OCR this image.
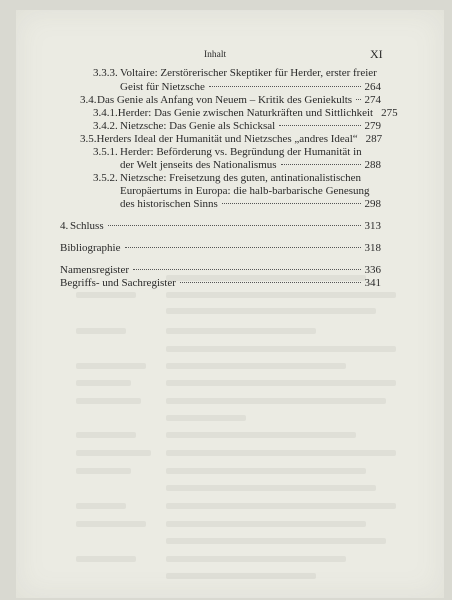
Inhalt	XI
3.3.3. Voltaire: Zerstörerischer Skeptiker für Herder, erster freier
Geist für Nietzsche	264
3.4. Das Genie als Anfang von Neuem – Kritik des Geniekults 274
3.4.1. Herder: Das Genie zwischen Naturkräften und Sittlichkeit 275
3.4.2. Nietzsche: Das Genie als Schicksal	279
3.5. Herders Ideal der Humanität und Nietzsches „andres Ideal“ 287
3.5.1. Herder: Beförderung vs. Begründung der Humanität in
der Welt jenseits des Nationalismus	288
3.5.2. Nietzsche: Freisetzung des guten, antinationalistischen
Europäertums in Europa: die halb-barbarische Genesung
des historischen Sinns	298
4. Schluss	313
Bibliographie	318
Namensregister	336
Begriffs- und Sachregister	341
